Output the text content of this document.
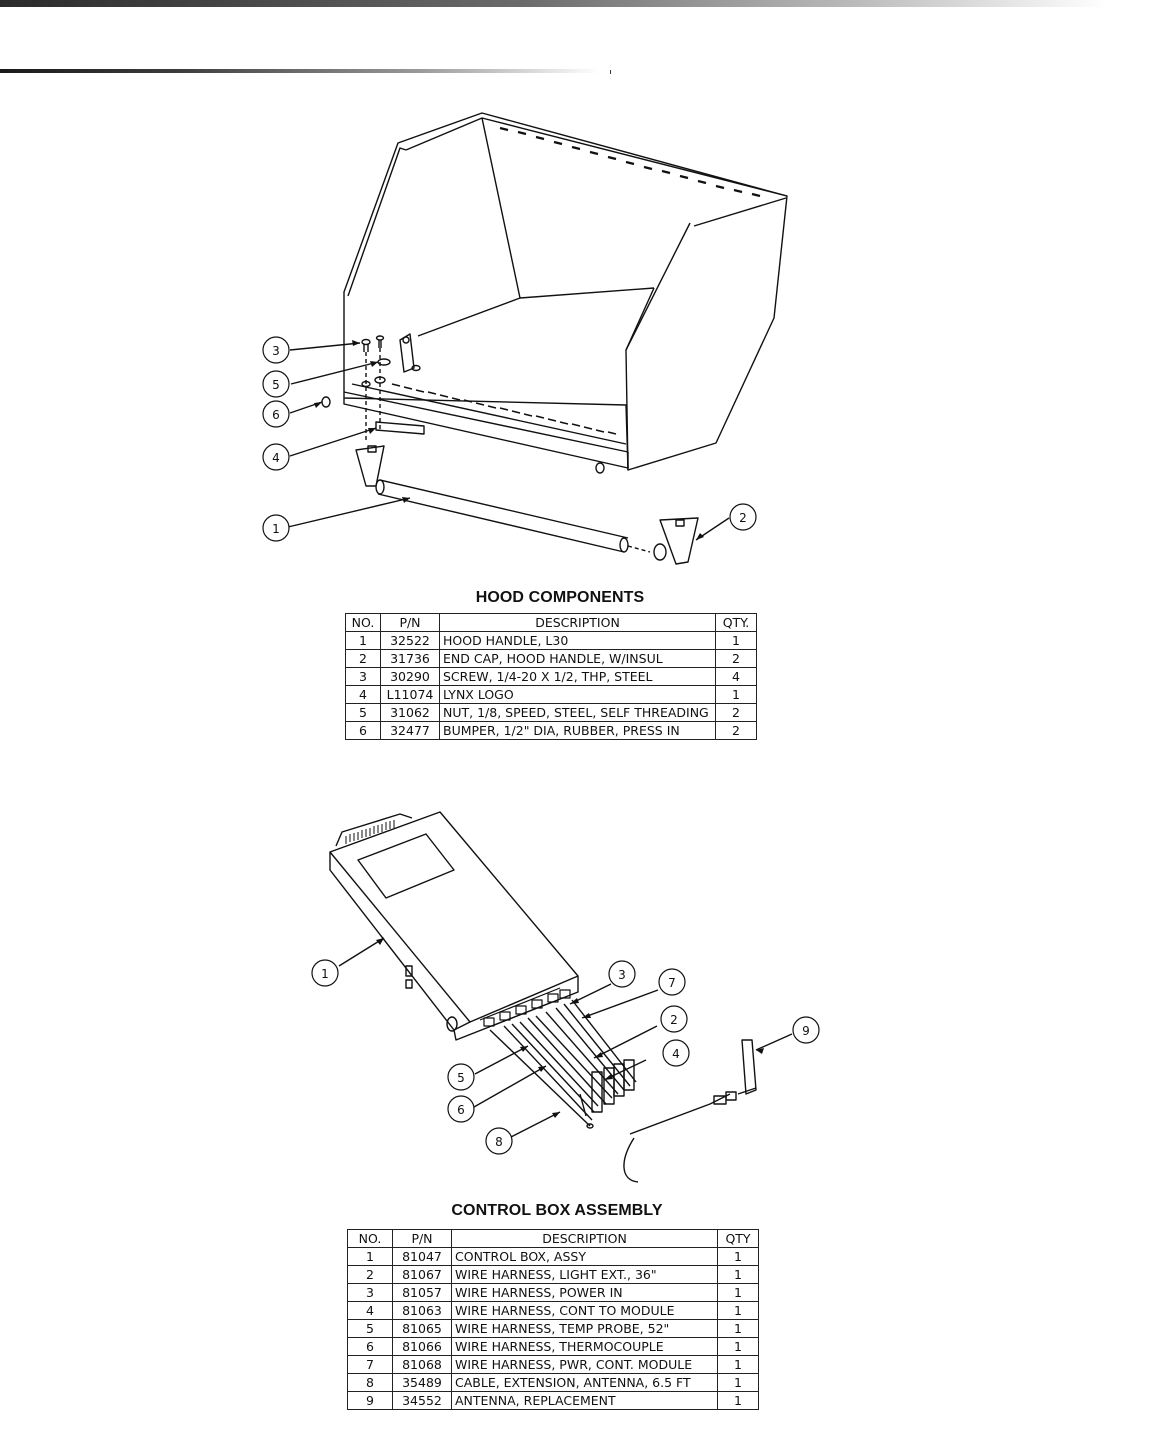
3
5
6
4
1
2
HOOD COMPONENTS
NO.	P/N	DESCRIPTION	QTY.
1	32522	HOOD HANDLE, L30	1
2	31736	END CAP, HOOD HANDLE, W/INSUL	2
3	30290	SCREW, 1/4-20 X 1/2, THP, STEEL	4
4	L11074	LYNX LOGO	1
5	31062	NUT, 1/8, SPEED, STEEL, SELF THREADING	2
6	32477	BUMPER, 1/2" DIA, RUBBER, PRESS IN	2
1	3
7
2
4
5
6
8
9
CONTROL BOX ASSEMBLY
NO.	P/N	DESCRIPTION	QTY
1	81047	CONTROL BOX, ASSY	1
2	81067	WIRE HARNESS, LIGHT EXT., 36"	1
3	81057	WIRE HARNESS, POWER IN	1
4	81063	WIRE HARNESS, CONT TO MODULE	1
5	81065	WIRE HARNESS, TEMP PROBE, 52"	1
6	81066	WIRE HARNESS, THERMOCOUPLE	1
7	81068	WIRE HARNESS, PWR, CONT. MODULE	1
8	35489	CABLE, EXTENSION, ANTENNA, 6.5 FT	1
9	34552	ANTENNA, REPLACEMENT	1
